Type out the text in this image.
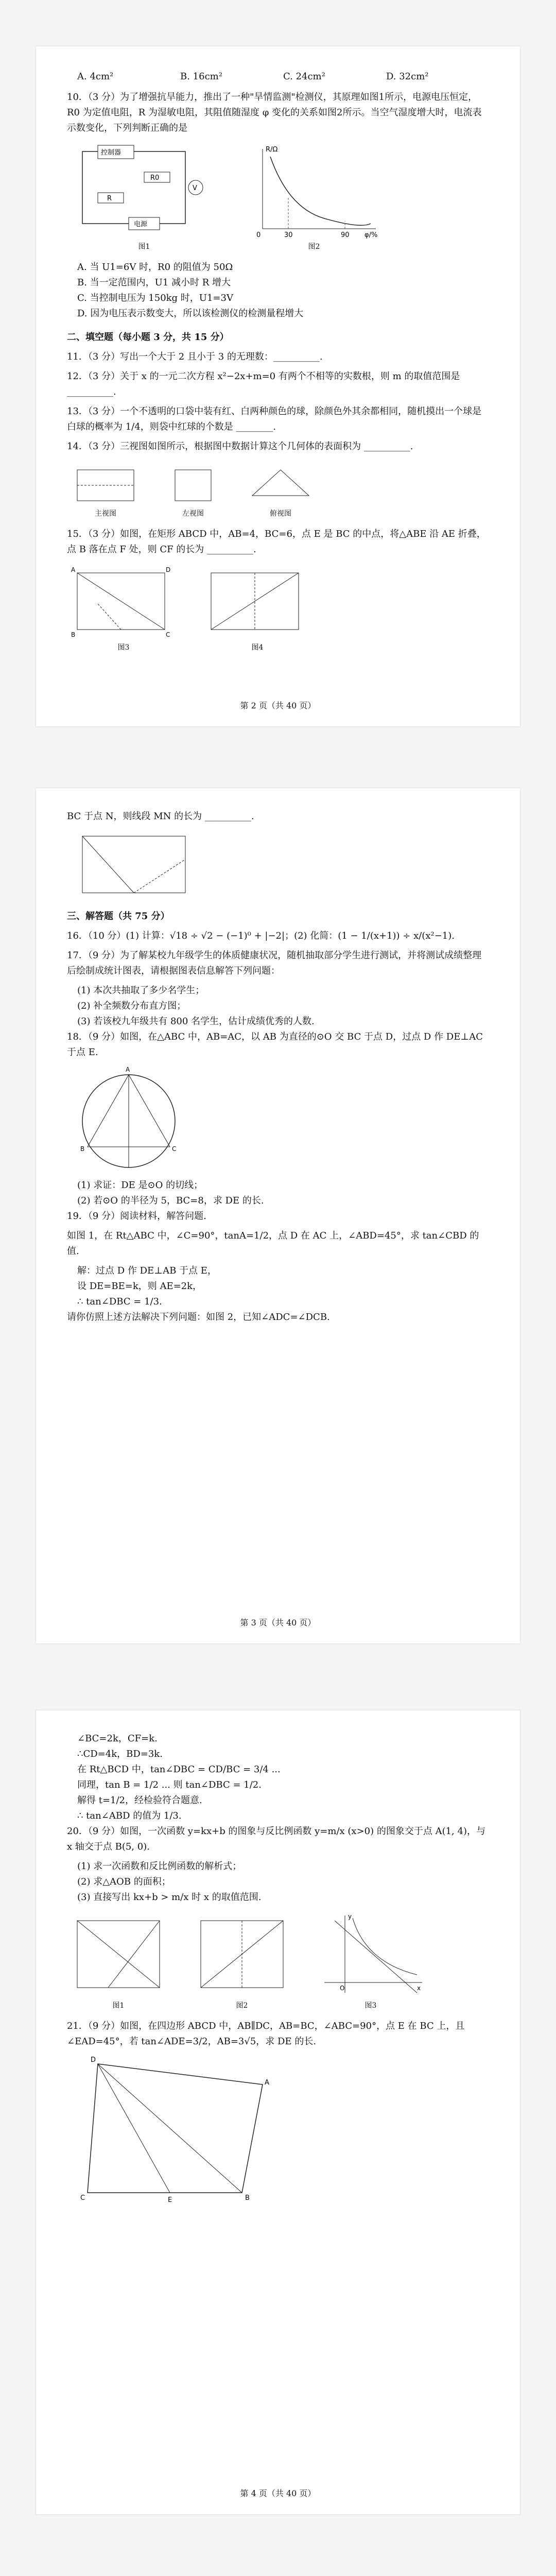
A. 4cm²	B. 16cm²	C. 24cm²	D. 32cm²
10．（3 分）为了增强抗旱能力，推出了一种"旱情监测"检测仪，其原理如图1所示，电源电压恒定，R0 为定值电阻，R 为湿敏电阻，其阻值随湿度 φ 变化的关系如图2所示。当空气湿度增大时，电流表示数变化，下列判断正确的是
控制器
R0
R
电源
V
图1
R/Ω
φ/%
0	30	90
图2
A. 当 U1=6V 时，R0 的阻值为 50Ω
B. 当一定范围内，U1 减小时 R 增大
C. 当控制电压为 150kg 时，U1=3V
D. 因为电压表示数变大，所以该检测仪的检测量程增大
二、填空题（每小题 3 分，共 15 分）
11．（3 分）写出一个大于 2 且小于 3 的无理数：__________.
12．（3 分）关于 x 的一元二次方程 x²−2x+m=0 有两个不相等的实数根，则 m 的取值范围是 __________.
13．（3 分）一个不透明的口袋中装有红、白两种颜色的球，除颜色外其余都相同，随机摸出一个球是白球的概率为 1/4，则袋中红球的个数是 ________.
14．（3 分）三视图如图所示，根据图中数据计算这个几何体的表面积为 __________.
主视图	左视图	俯视图
15．（3 分）如图，在矩形 ABCD 中，AB=4，BC=6，点 E 是 BC 的中点，将△ABE 沿 AE 折叠，点 B 落在点 F 处，则 CF 的长为 __________.
A	D
B	C
图3	图4
第 2 页（共 40 页）
BC 于点 N，则线段 MN 的长为 __________.
三、解答题（共 75 分）
16．（10 分）(1) 计算：√18 ÷ √2 − (−1)⁰ + |−2|；(2) 化简：(1 − 1/(x+1)) ÷ x/(x²−1).
17．（9 分）为了解某校九年级学生的体质健康状况，随机抽取部分学生进行测试，并将测试成绩整理后绘制成统计图表，请根据图表信息解答下列问题：
(1) 本次共抽取了多少名学生；
(2) 补全频数分布直方图；
(3) 若该校九年级共有 800 名学生，估计成绩优秀的人数.
18．（9 分）如图，在△ABC 中，AB=AC，以 AB 为直径的⊙O 交 BC 于点 D，过点 D 作 DE⊥AC 于点 E.
A
B	C
(1) 求证：DE 是⊙O 的切线；
(2) 若⊙O 的半径为 5，BC=8，求 DE 的长.
19．（9 分）阅读材料，解答问题.
如图 1，在 Rt△ABC 中，∠C=90°，tanA=1/2，点 D 在 AC 上，∠ABD=45°，求 tan∠CBD 的值.
解：过点 D 作 DE⊥AB 于点 E，
设 DE=BE=k，则 AE=2k，
∴ tan∠DBC = 1/3.
请你仿照上述方法解决下列问题：如图 2，已知∠ADC=∠DCB.
第 3 页（共 40 页）
∠BC=2k，CF=k.
∴CD=4k，BD=3k.
在 Rt△BCD 中，tan∠DBC = CD/BC = 3/4 ...
同理，tan B = 1/2 ... 则 tan∠DBC = 1/2.
解得 t=1/2，经检验符合题意.
∴ tan∠ABD 的值为 1/3.
20．（9 分）如图，一次函数 y=kx+b 的图象与反比例函数 y=m/x (x>0) 的图象交于点 A(1, 4)，与 x 轴交于点 B(5, 0).
(1) 求一次函数和反比例函数的解析式；
(2) 求△AOB 的面积；
(3) 直接写出 kx+b > m/x 时 x 的取值范围.
图1	图2
O	x
y
图3
21．（9 分）如图，在四边形 ABCD 中，AB∥DC，AB=BC，∠ABC=90°，点 E 在 BC 上，且∠EAD=45°，若 tan∠ADE=3/2，AB=3√5，求 DE 的长.
D
A
B
C	E
第 4 页（共 40 页）
